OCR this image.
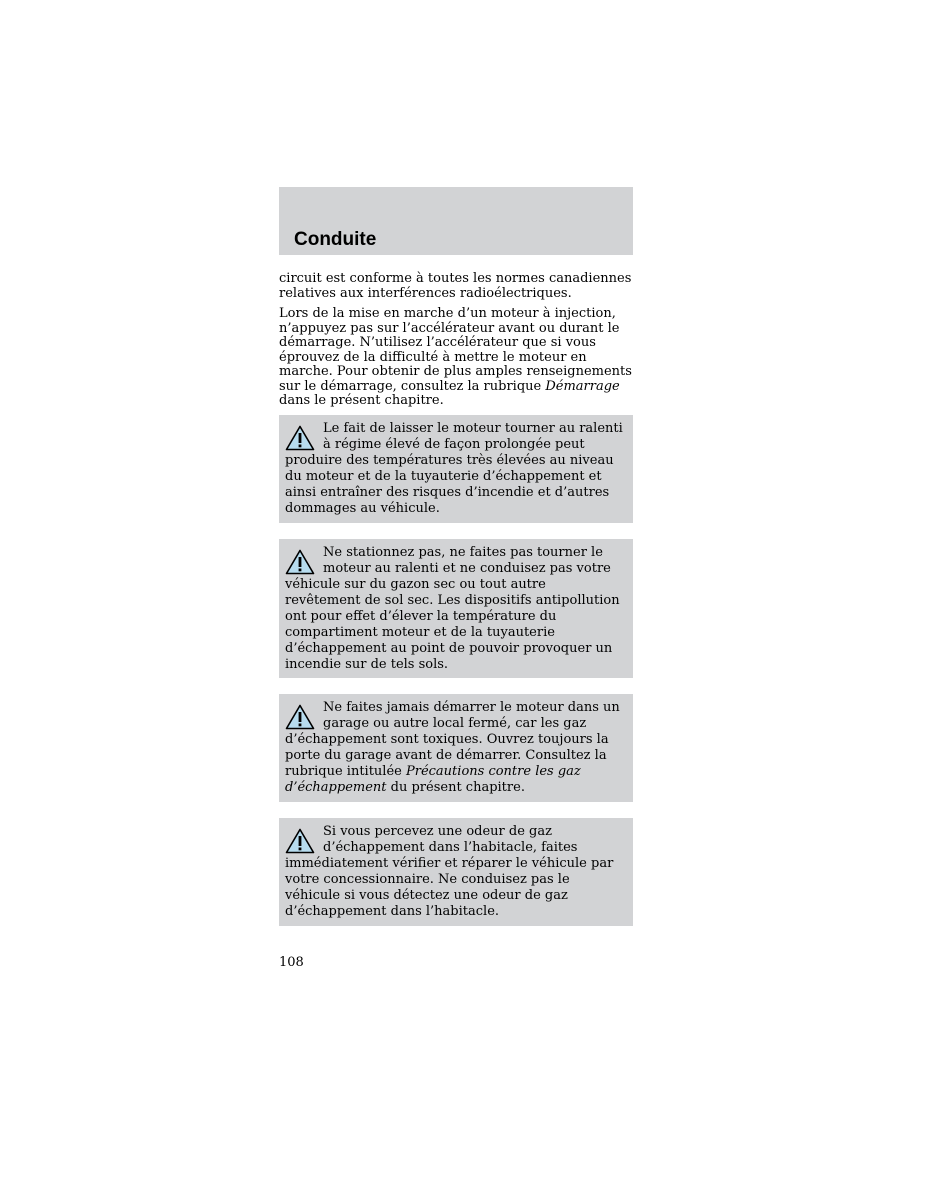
Conduite

circuit est conforme à toutes les normes canadiennes relatives aux interférences radioélectriques.

Lors de la mise en marche d’un moteur à injection, n’appuyez pas sur l’accélérateur avant ou durant le démarrage. N’utilisez l’accélérateur que si vous éprouvez de la difficulté à mettre le moteur en marche. Pour obtenir de plus amples renseignements sur le démarrage, consultez la rubrique Démarrage dans le présent chapitre.

Le fait de laisser le moteur tourner au ralenti à régime élevé de façon prolongée peut produire des températures très élevées au niveau du moteur et de la tuyauterie d’échappement et ainsi entraîner des risques d’incendie et d’autres dommages au véhicule.
Ne stationnez pas, ne faites pas tourner le moteur au ralenti et ne conduisez pas votre véhicule sur du gazon sec ou tout autre revêtement de sol sec. Les dispositifs antipollution ont pour effet d’élever la température du compartiment moteur et de la tuyauterie d’échappement au point de pouvoir provoquer un incendie sur de tels sols.
Ne faites jamais démarrer le moteur dans un garage ou autre local fermé, car les gaz d’échappement sont toxiques. Ouvrez toujours la porte du garage avant de démarrer. Consultez la rubrique intitulée Précautions contre les gaz d’échappement du présent chapitre.
Si vous percevez une odeur de gaz d’échappement dans l’habitacle, faites immédiatement vérifier et réparer le véhicule par votre concessionnaire. Ne conduisez pas le véhicule si vous détectez une odeur de gaz d’échappement dans l’habitacle.

108
